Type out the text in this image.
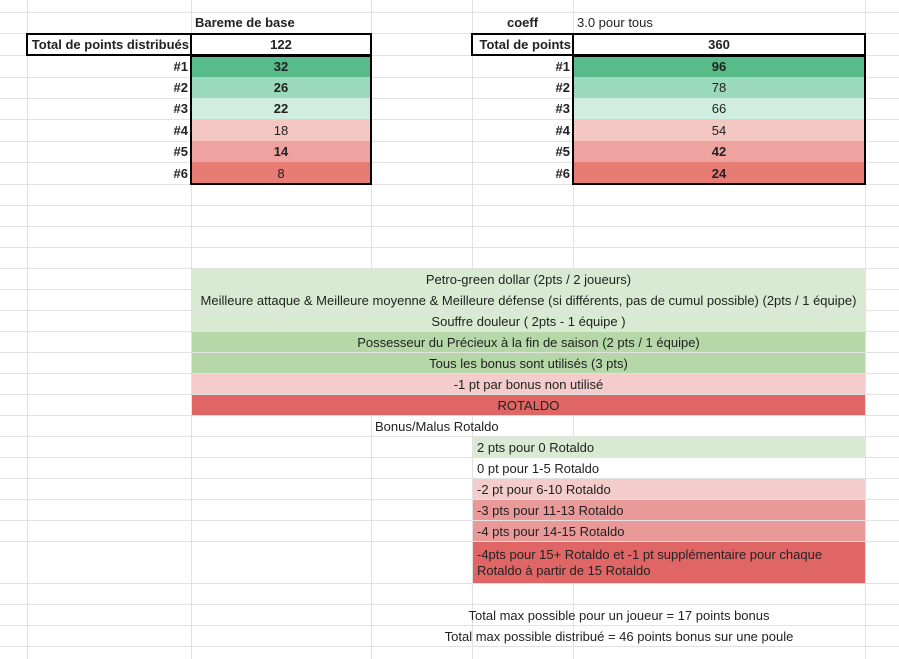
Bareme de base
Total de points distribués	122
#1	32
#2	26
#3	22
#4	18
#5	14
#6	8
coeff	3.0 pour tous
Total de points	360
#1	96
#2	78
#3	66
#4	54
#5	42
#6	24
Petro-green dollar (2pts / 2 joueurs)
Meilleure attaque & Meilleure moyenne & Meilleure défense (si différents, pas de cumul possible) (2pts / 1 équipe)
Souffre douleur ( 2pts - 1 équipe )
Possesseur du Précieux à la fin de saison (2 pts / 1 équipe)
Tous les bonus sont utilisés (3 pts)
-1 pt par bonus non utilisé
ROTALDO
Bonus/Malus Rotaldo
2 pts pour 0 Rotaldo
0 pt pour 1-5 Rotaldo
-2 pt pour 6-10 Rotaldo
-3 pts pour 11-13 Rotaldo
-4 pts pour 14-15 Rotaldo
-4pts pour 15+ Rotaldo et -1 pt supplémentaire pour chaque Rotaldo à partir de 15 Rotaldo
Total max possible pour un joueur = 17 points bonus
Total max possible distribué = 46 points bonus sur une poule
